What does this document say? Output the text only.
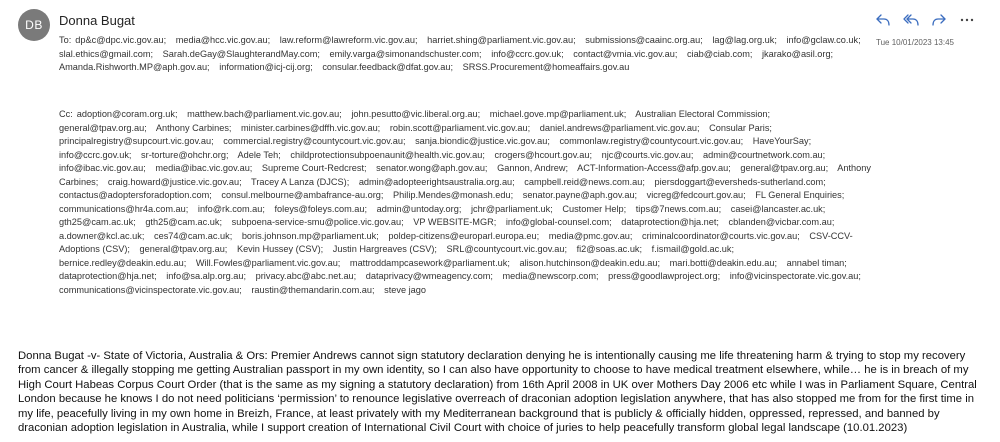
DB	Donna Bugat
Tue 10/01/2023 13:45
To: dp&c@dpc.vic.gov.au; media@hcc.vic.gov.au; law.reform@lawreform.vic.gov.au; harriet.shing@parliament.vic.gov.au; submissions@caainc.org.au; lag@lag.org.uk; info@gclaw.co.uk; slal.ethics@gmail.com; Sarah.deGay@SlaughterandMay.com; emily.varga@simonandschuster.com; info@ccrc.gov.uk; contact@vmia.vic.gov.au; ciab@ciab.com; jkarako@asil.org; Amanda.Rishworth.MP@aph.gov.au; information@icj-cij.org; consular.feedback@dfat.gov.au; SRSS.Procurement@homeaffairs.gov.au
Cc: adoption@coram.org.uk; matthew.bach@parliament.vic.gov.au; john.pesutto@vic.liberal.org.au; michael.gove.mp@parliament.uk; Australian Electoral Commission; general@tpav.org.au; Anthony Carbines; minister.carbines@dffh.vic.gov.au; robin.scott@parliament.vic.gov.au; daniel.andrews@parliament.vic.gov.au; Consular Paris; principalregistry@supcourt.vic.gov.au; commercial.registry@countycourt.vic.gov.au; sanja.biondic@justice.vic.gov.au; commonlaw.registry@countycourt.vic.gov.au; HaveYourSay; info@ccrc.gov.uk; sr-torture@ohchr.org; Adele Teh; childprotectionsubpoenaunit@health.vic.gov.au; crogers@hcourt.gov.au; njc@courts.vic.gov.au; admin@courtnetwork.com.au; info@ibac.vic.gov.au; media@ibac.vic.gov.au; Supreme Court-Redcrest; senator.wong@aph.gov.au; Gannon, Andrew; ACT-Information-Access@afp.gov.au; general@tpav.org.au; Anthony Carbines; craig.howard@justice.vic.gov.au; Tracey A Lanza (DJCS); admin@adopteerightsaustralia.org.au; campbell.reid@news.com.au; piersdoggart@eversheds-sutherland.com; contactus@adoptersforadoption.com; consul.melbourne@ambafrance-au.org; Philip.Mendes@monash.edu; senator.payne@aph.gov.au; vicreg@fedcourt.gov.au; FL General Enquiries; communications@hr4a.com.au; info@rk.com.au; foleys@foleys.com.au; admin@untoday.org; jchr@parliament.uk; Customer Help; tips@7news.com.au; casei@lancaster.ac.uk; gth25@cam.ac.uk; gth25@cam.ac.uk; subpoena-service-smu@police.vic.gov.au; VP WEBSITE-MGR; info@global-counsel.com; dataprotection@hja.net; cblanden@vicbar.com.au; a.downer@kcl.ac.uk; ces74@cam.ac.uk; boris.johnson.mp@parliament.uk; poldep-citizens@europarl.europa.eu; media@pmc.gov.au; criminalcoordinator@courts.vic.gov.au; CSV-CCV-Adoptions (CSV); general@tpav.org.au; Kevin Hussey (CSV); Justin Hargreaves (CSV); SRL@countycourt.vic.gov.au; fi2@soas.ac.uk; f.ismail@gold.ac.uk; bernice.redley@deakin.edu.au; Will.Fowles@parliament.vic.gov.au; mattroddampcasework@parliament.uk; alison.hutchinson@deakin.edu.au; mari.botti@deakin.edu.au; annabel timan; dataprotection@hja.net; info@sa.alp.org.au; privacy.abc@abc.net.au; dataprivacy@wmeagency.com; media@newscorp.com; press@goodlawproject.org; info@vicinspectorate.vic.gov.au; communications@vicinspectorate.vic.gov.au; raustin@themandarin.com.au; steve jago
Donna Bugat -v- State of Victoria, Australia & Ors: Premier Andrews cannot sign statutory declaration denying he is intentionally causing me life threatening harm & trying to stop my recovery from cancer & illegally stopping me getting Australian passport in my own identity, so I can also have opportunity to choose to have medical treatment elsewhere, while… he is in breach of my High Court Habeas Corpus Court Order (that is the same as my signing a statutory declaration) from 16th April 2008 in UK over Mothers Day 2006 etc while I was in Parliament Square, Central London because he knows I do not need politicians ‘permission’ to renounce legislative overreach of draconian adoption legislation anywhere, that has also stopped me from for the first time in my life, peacefully living in my own home in Breizh, France, at least privately with my Mediterranean background that is publicly & officially hidden, oppressed, repressed, and banned by draconian adoption legislation in Australia, while I support creation of International Civil Court with choice of juries to help peacefully transform global legal landscape (10.01.2023)
